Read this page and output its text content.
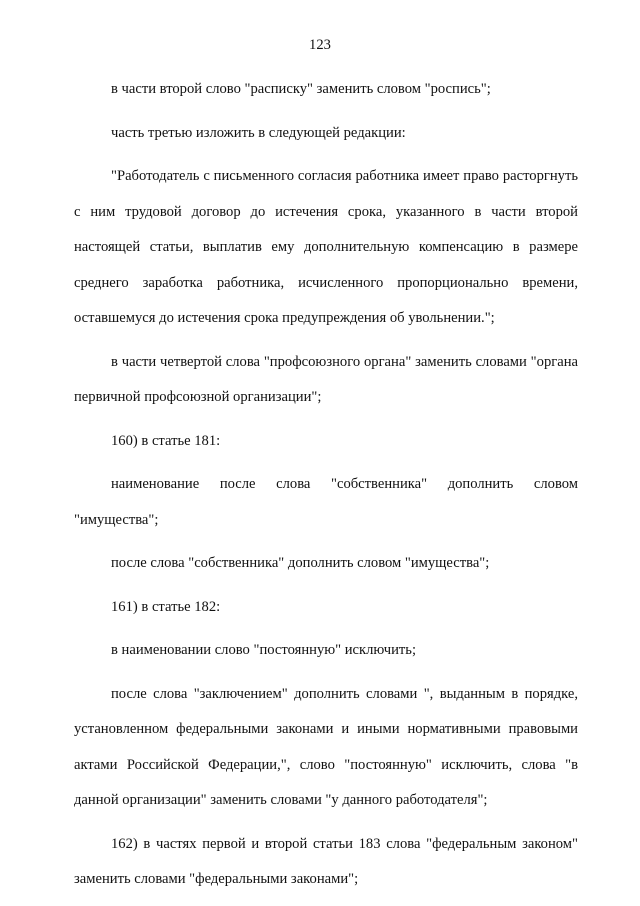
123

в части второй слово "расписку" заменить словом "роспись";

часть третью изложить в следующей редакции:

"Работодатель с письменного согласия работника имеет право расторгнуть с ним трудовой договор до истечения срока, указанного в части второй настоящей статьи, выплатив ему дополнительную компенсацию в размере среднего заработка работника, исчисленного пропорционально времени, оставшемуся до истечения срока предупреждения об увольнении.";

в части четвертой слова "профсоюзного органа" заменить словами "органа первичной профсоюзной организации";

160) в статье 181:

наименование после слова "собственника" дополнить словом "имущества";

после слова "собственника" дополнить словом "имущества";

161) в статье 182:

в наименовании слово "постоянную" исключить;

после слова "заключением" дополнить словами ", выданным в порядке, установленном федеральными законами и иными нормативными правовыми актами Российской Федерации,", слово "постоянную" исключить, слова "в данной организации" заменить словами "у данного работодателя";

162) в частях первой и второй статьи 183 слова "федеральным законом" заменить словами "федеральными законами";
